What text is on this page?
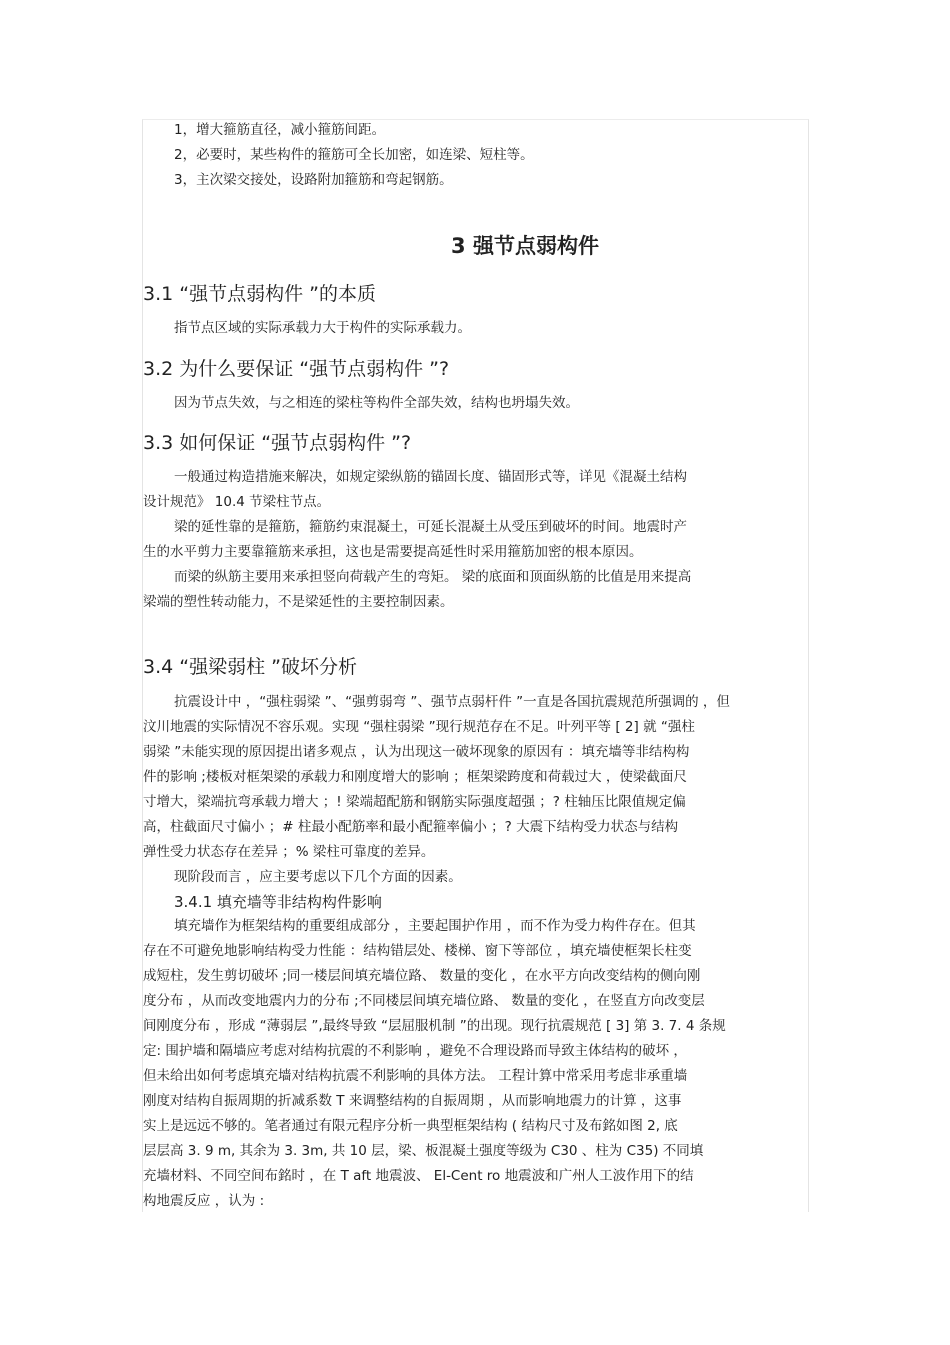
1，增大箍筋直径，减小箍筋间距。

2，必要时，某些构件的箍筋可全长加密，如连梁、短柱等。

3，主次梁交接处，设路附加箍筋和弯起钢筋。

3 强节点弱构件
3.1 “强节点弱构件 ”的本质

指节点区域的实际承载力大于构件的实际承载力。

3.2 为什么要保证 “强节点弱构件 ”?

因为节点失效，与之相连的梁柱等构件全部失效，结构也坍塌失效。

3.3 如何保证 “强节点弱构件 ”?

一般通过构造措施来解决，如规定梁纵筋的锚固长度、锚固形式等，详见《混凝土结构

设计规范》 10.4 节梁柱节点。

梁的延性靠的是箍筋，箍筋约束混凝土，可延长混凝土从受压到破坏的时间。地震时产

生的水平剪力主要靠箍筋来承担，这也是需要提高延性时采用箍筋加密的根本原因。

而梁的纵筋主要用来承担竖向荷载产生的弯矩。 梁的底面和顶面纵筋的比值是用来提高

梁端的塑性转动能力，不是梁延性的主要控制因素。

3.4 “强梁弱柱 ”破坏分析

抗震设计中 ，“强柱弱梁 ”、“强剪弱弯 ”、强节点弱杆件 ”一直是各国抗震规范所强调的 ，但

汶川地震的实际情况不容乐观。实现 “强柱弱梁 ”现行规范存在不足。叶列平等 [ 2] 就 “强柱

弱梁 ”未能实现的原因提出诸多观点 ，认为出现这一破坏现象的原因有 ：填充墙等非结构构

件的影响 ;楼板对框架梁的承载力和刚度增大的影响 ；框架梁跨度和荷载过大 ，使梁截面尺

寸增大，梁端抗弯承载力增大 ；! 梁端超配筋和钢筋实际强度超强 ；? 柱轴压比限值规定偏

高，柱截面尺寸偏小 ；# 柱最小配筋率和最小配箍率偏小 ；? 大震下结构受力状态与结构

弹性受力状态存在差异 ；% 梁柱可靠度的差异。

现阶段而言 ，应主要考虑以下几个方面的因素。

3.4.1 填充墙等非结构构件影响

填充墙作为框架结构的重要组成部分 ，主要起围护作用 ，而不作为受力构件存在。但其

存在不可避免地影响结构受力性能 ：结构错层处、楼梯、窗下等部位 ，填充墙使框架长柱变

成短柱，发生剪切破坏 ;同一楼层间填充墙位路、 数量的变化 ，在水平方向改变结构的侧向刚

度分布 ，从而改变地震内力的分布 ;不同楼层间填充墙位路、 数量的变化 ，在竖直方向改变层

间刚度分布 ，形成 “薄弱层 ”,最终导致 “层屈服机制 ”的出现。现行抗震规范 [ 3] 第 3. 7. 4 条规

定: 围护墙和隔墙应考虑对结构抗震的不利影响 ，避免不合理设路而导致主体结构的破坏 ，

但未给出如何考虑填充墙对结构抗震不利影响的具体方法。 工程计算中常采用考虑非承重墙

刚度对结构自振周期的折减系数 T 来调整结构的自振周期 ，从而影响地震力的计算 ，这事

实上是远远不够的。笔者通过有限元程序分析一典型框架结构 ( 结构尺寸及布銘如图 2, 底

层层高 3. 9 m, 其余为 3. 3m, 共 10 层，梁、板混凝土强度等级为 C30 、柱为 C35) 不同填

充墙材料、不同空间布銘时 ，在 T aft 地震波、 El-Cent ro 地震波和广州人工波作用下的结

构地震反应 ，认为 :
